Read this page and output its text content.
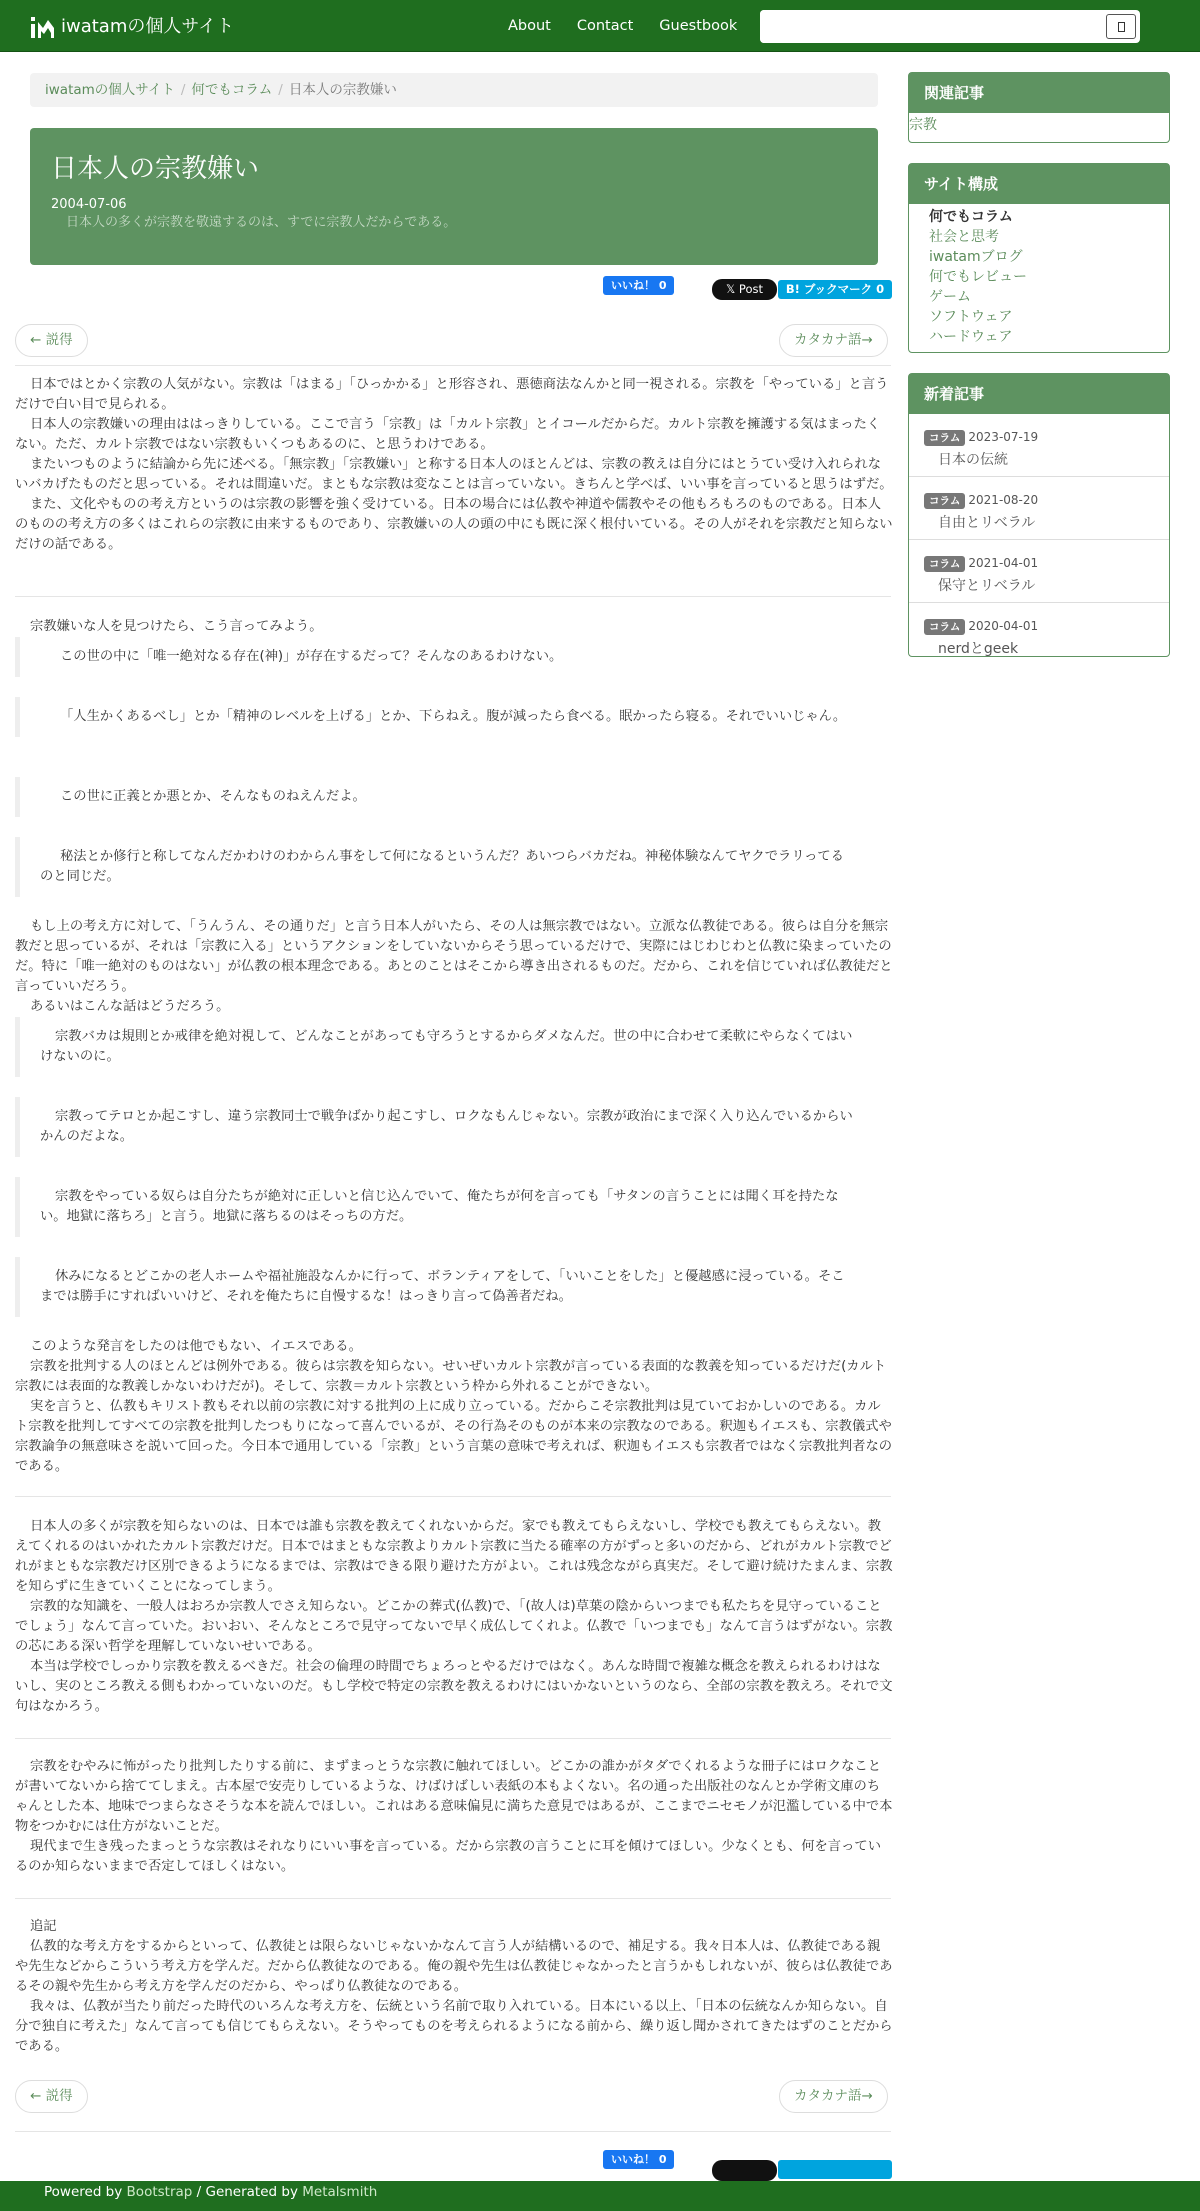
iwatamの個人サイト	About Contact Guestbook
iwatamの個人サイト / 何でもコラム / 日本人の宗教嫌い
日本人の宗教嫌い
2004-07-06
日本人の多くが宗教を敬遠するのは、すでに宗教人だからである。
いいね！ 0	𝕏 Post	B! ブックマーク 0
← 説得	カタカナ語→
日本ではとかく宗教の人気がない。宗教は「はまる」「ひっかかる」と形容され、悪徳商法なんかと同一視される。宗教を「やっている」と言うだけで白い目で見られる。
日本人の宗教嫌いの理由ははっきりしている。ここで言う「宗教」は「カルト宗教」とイコールだからだ。カルト宗教を擁護する気はまったくない。ただ、カルト宗教ではない宗教もいくつもあるのに、と思うわけである。
またいつものように結論から先に述べる。「無宗教」「宗教嫌い」と称する日本人のほとんどは、宗教の教えは自分にはとうてい受け入れられないバカげたものだと思っている。それは間違いだ。まともな宗教は変なことは言っていない。きちんと学べば、いい事を言っていると思うはずだ。
また、文化やものの考え方というのは宗教の影響を強く受けている。日本の場合には仏教や神道や儒教やその他もろもろのものである。日本人のものの考え方の多くはこれらの宗教に由来するものであり、宗教嫌いの人の頭の中にも既に深く根付いている。その人がそれを宗教だと知らないだけの話である。
宗教嫌いな人を見つけたら、こう言ってみよう。
この世の中に「唯一絶対なる存在(神)」が存在するだって？そんなのあるわけない。
「人生かくあるべし」とか「精神のレベルを上げる」とか、下らねえ。腹が減ったら食べる。眠かったら寝る。それでいいじゃん。
この世に正義とか悪とか、そんなものねえんだよ。
秘法とか修行と称してなんだかわけのわからん事をして何になるというんだ？あいつらバカだね。神秘体験なんてヤクでラリってるのと同じだ。
もし上の考え方に対して、「うんうん、その通りだ」と言う日本人がいたら、その人は無宗教ではない。立派な仏教徒である。彼らは自分を無宗教だと思っているが、それは「宗教に入る」というアクションをしていないからそう思っているだけで、実際にはじわじわと仏教に染まっていたのだ。特に「唯一絶対のものはない」が仏教の根本理念である。あとのことはそこから導き出されるものだ。だから、これを信じていれば仏教徒だと言っていいだろう。
あるいはこんな話はどうだろう。
宗教バカは規則とか戒律を絶対視して、どんなことがあっても守ろうとするからダメなんだ。世の中に合わせて柔軟にやらなくてはいけないのに。
宗教ってテロとか起こすし、違う宗教同士で戦争ばかり起こすし、ロクなもんじゃない。宗教が政治にまで深く入り込んでいるからいかんのだよな。
宗教をやっている奴らは自分たちが絶対に正しいと信じ込んでいて、俺たちが何を言っても「サタンの言うことには聞く耳を持たない。地獄に落ちろ」と言う。地獄に落ちるのはそっちの方だ。
休みになるとどこかの老人ホームや福祉施設なんかに行って、ボランティアをして、「いいことをした」と優越感に浸っている。そこまでは勝手にすればいいけど、それを俺たちに自慢するな！はっきり言って偽善者だね。
このような発言をしたのは他でもない、イエスである。
宗教を批判する人のほとんどは例外である。彼らは宗教を知らない。せいぜいカルト宗教が言っている表面的な教義を知っているだけだ(カルト宗教には表面的な教義しかないわけだが)。そして、宗教＝カルト宗教という枠から外れることができない。
実を言うと、仏教もキリスト教もそれ以前の宗教に対する批判の上に成り立っている。だからこそ宗教批判は見ていておかしいのである。カルト宗教を批判してすべての宗教を批判したつもりになって喜んでいるが、その行為そのものが本来の宗教なのである。釈迦もイエスも、宗教儀式や宗教論争の無意味さを説いて回った。今日本で通用している「宗教」という言葉の意味で考えれば、釈迦もイエスも宗教者ではなく宗教批判者なのである。
日本人の多くが宗教を知らないのは、日本では誰も宗教を教えてくれないからだ。家でも教えてもらえないし、学校でも教えてもらえない。教えてくれるのはいかれたカルト宗教だけだ。日本ではまともな宗教よりカルト宗教に当たる確率の方がずっと多いのだから、どれがカルト宗教でどれがまともな宗教だけ区別できるようになるまでは、宗教はできる限り避けた方がよい。これは残念ながら真実だ。そして避け続けたまんま、宗教を知らずに生きていくことになってしまう。
宗教的な知識を、一般人はおろか宗教人でさえ知らない。どこかの葬式(仏教)で、「(故人は)草葉の陰からいつまでも私たちを見守っていることでしょう」なんて言っていた。おいおい、そんなところで見守ってないで早く成仏してくれよ。仏教で「いつまでも」なんて言うはずがない。宗教の芯にある深い哲学を理解していないせいである。
本当は学校でしっかり宗教を教えるべきだ。社会の倫理の時間でちょろっとやるだけではなく。あんな時間で複雑な概念を教えられるわけはないし、実のところ教える側もわかっていないのだ。もし学校で特定の宗教を教えるわけにはいかないというのなら、全部の宗教を教えろ。それで文句はなかろう。
宗教をむやみに怖がったり批判したりする前に、まずまっとうな宗教に触れてほしい。どこかの誰かがタダでくれるような冊子にはロクなことが書いてないから捨ててしまえ。古本屋で安売りしているような、けばけばしい表紙の本もよくない。名の通った出版社のなんとか学術文庫のちゃんとした本、地味でつまらなさそうな本を読んでほしい。これはある意味偏見に満ちた意見ではあるが、ここまでニセモノが氾濫している中で本物をつかむには仕方がないことだ。
現代まで生き残ったまっとうな宗教はそれなりにいい事を言っている。だから宗教の言うことに耳を傾けてほしい。少なくとも、何を言っているのか知らないままで否定してほしくはない。
追記
仏教的な考え方をするからといって、仏教徒とは限らないじゃないかなんて言う人が結構いるので、補足する。我々日本人は、仏教徒である親や先生などからこういう考え方を学んだ。だから仏教徒なのである。俺の親や先生は仏教徒じゃなかったと言うかもしれないが、彼らは仏教徒であるその親や先生から考え方を学んだのだから、やっぱり仏教徒なのである。
我々は、仏教が当たり前だった時代のいろんな考え方を、伝統という名前で取り入れている。日本にいる以上、「日本の伝統なんか知らない。自分で独自に考えた」なんて言っても信じてもらえない。そうやってものを考えられるようになる前から、繰り返し聞かされてきたはずのことだからである。
← 説得	カタカナ語→
いいね！ 0
関連記事
宗教
サイト構成
何でもコラム
社会と思考
iwatamブログ
何でもレビュー
ゲーム
ソフトウェア
ハードウェア
新着記事
コラム 2023-07-19
日本の伝統
コラム 2021-08-20
自由とリベラル
コラム 2021-04-01
保守とリベラル
コラム 2020-04-01
nerdとgeek
Powered by Bootstrap / Generated by Metalsmith
